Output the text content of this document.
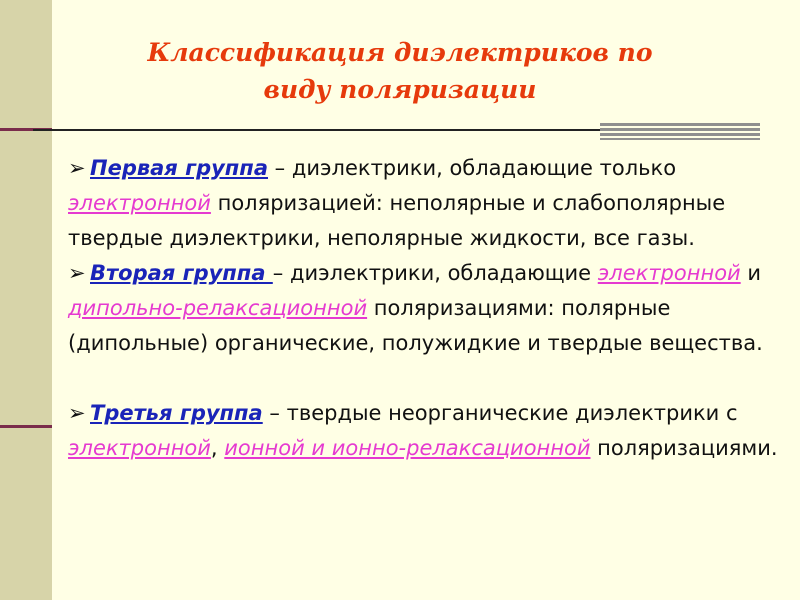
Классификация диэлектриков по виду поляризации

➢ Первая группа – диэлектрики, обладающие только электронной поляризацией: неполярные и слабополярные твердые диэлектрики, неполярные жидкости, все газы.

➢ Вторая группа – диэлектрики, обладающие электронной и дипольно-релаксационной поляризациями: полярные (дипольные) органические, полужидкие и твердые вещества.

➢ Третья группа – твердые неорганические диэлектрики с электронной, ионной и ионно-релаксационной поляризациями.
